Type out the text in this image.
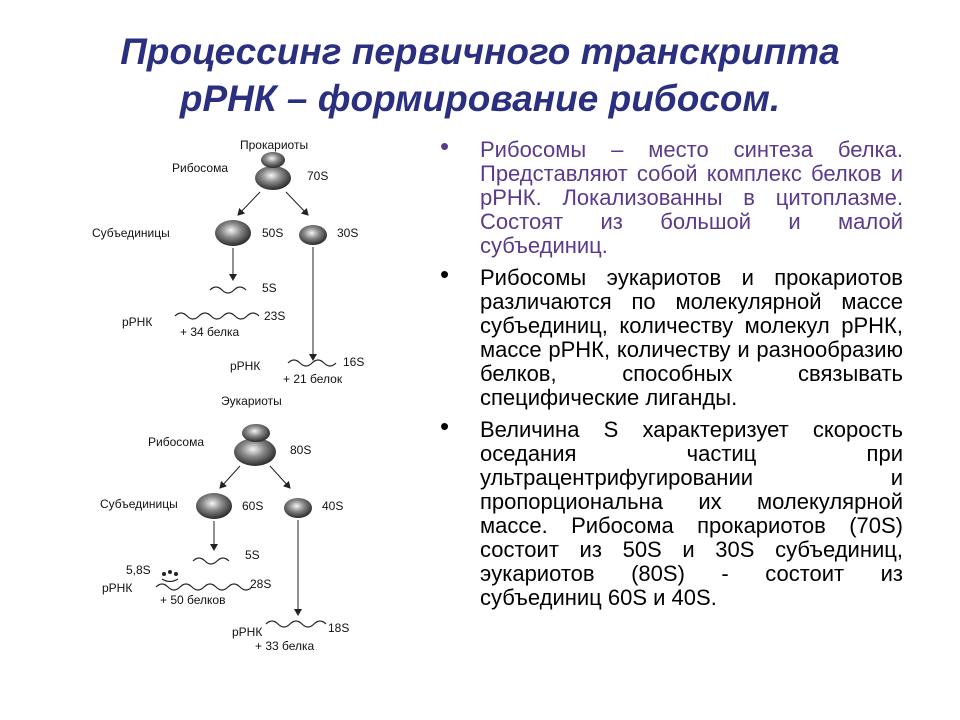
Процессинг первичного транскрипта
рРНК – формирование рибосом.
Прокариоты
Рибосома
70S
Субъединицы	50S	30S
5S
рРНК	23S
+ 34 белка
16S
рРНК
+ 21 белок
Эукариоты
Рибосома
80S
Субъединицы	60S	40S
5S
5,8S
рРНК	28S
+ 50 белков
18S
рРНК
+ 33 белка
• Рибосомы – место синтеза белка. Представляют собой комплекс белков и рРНК. Локализованны в цитоплазме. Состоят из большой и малой субъединиц.
• Рибосомы эукариотов и прокариотов различаются по молекулярной массе субъединиц, количеству молекул рРНК, массе рРНК, количеству и разнообразию белков, способных связывать специфические лиганды.
• Величина S характеризует скорость оседания частиц при ультрацентрифугировании и пропорциональна их молекулярной массе. Рибосома прокариотов (70S) состоит из 50S и 30S субъединиц, эукариотов (80S) - состоит из субъединиц 60S и 40S.
